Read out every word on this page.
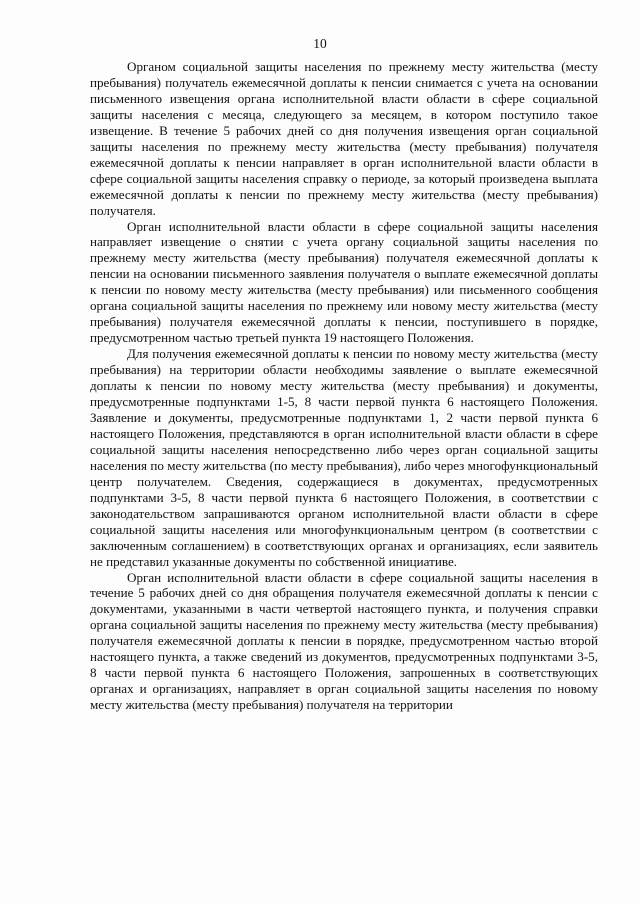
10

Органом социальной защиты населения по прежнему месту жительства (месту пребывания) получатель ежемесячной доплаты к пенсии снимается с учета на основании письменного извещения органа исполнительной власти области в сфере социальной защиты населения с месяца, следующего за месяцем, в котором поступило такое извещение. В течение 5 рабочих дней со дня получения извещения орган социальной защиты населения по прежнему месту жительства (месту пребывания) получателя ежемесячной доплаты к пенсии направляет в орган исполнительной власти области в сфере социальной защиты населения справку о периоде, за который произведена выплата ежемесячной доплаты к пенсии по прежнему месту жительства (месту пребывания) получателя.

Орган исполнительной власти области в сфере социальной защиты населения направляет извещение о снятии с учета органу социальной защиты населения по прежнему месту жительства (месту пребывания) получателя ежемесячной доплаты к пенсии на основании письменного заявления получателя о выплате ежемесячной доплаты к пенсии по новому месту жительства (месту пребывания) или письменного сообщения органа социальной защиты населения по прежнему или новому месту жительства (месту пребывания) получателя ежемесячной доплаты к пенсии, поступившего в порядке, предусмотренном частью третьей пункта 19 настоящего Положения.

Для получения ежемесячной доплаты к пенсии по новому месту жительства (месту пребывания) на территории области необходимы заявление о выплате ежемесячной доплаты к пенсии по новому месту жительства (месту пребывания) и документы, предусмотренные подпунктами 1-5, 8 части первой пункта 6 настоящего Положения. Заявление и документы, предусмотренные подпунктами 1, 2 части первой пункта 6 настоящего Положения, представляются в орган исполнительной власти области в сфере социальной защиты населения непосредственно либо через орган социальной защиты населения по месту жительства (по месту пребывания), либо через многофункциональный центр получателем. Сведения, содержащиеся в документах, предусмотренных подпунктами 3-5, 8 части первой пункта 6 настоящего Положения, в соответствии с законодательством запрашиваются органом исполнительной власти области в сфере социальной защиты населения или многофункциональным центром (в соответствии с заключенным соглашением) в соответствующих органах и организациях, если заявитель не представил указанные документы по собственной инициативе.

Орган исполнительной власти области в сфере социальной защиты населения в течение 5 рабочих дней со дня обращения получателя ежемесячной доплаты к пенсии с документами, указанными в части четвертой настоящего пункта, и получения справки органа социальной защиты населения по прежнему месту жительства (месту пребывания) получателя ежемесячной доплаты к пенсии в порядке, предусмотренном частью второй настоящего пункта, а также сведений из документов, предусмотренных подпунктами 3-5, 8 части первой пункта 6 настоящего Положения, запрошенных в соответствующих органах и организациях, направляет в орган социальной защиты населения по новому месту жительства (месту пребывания) получателя на территории
